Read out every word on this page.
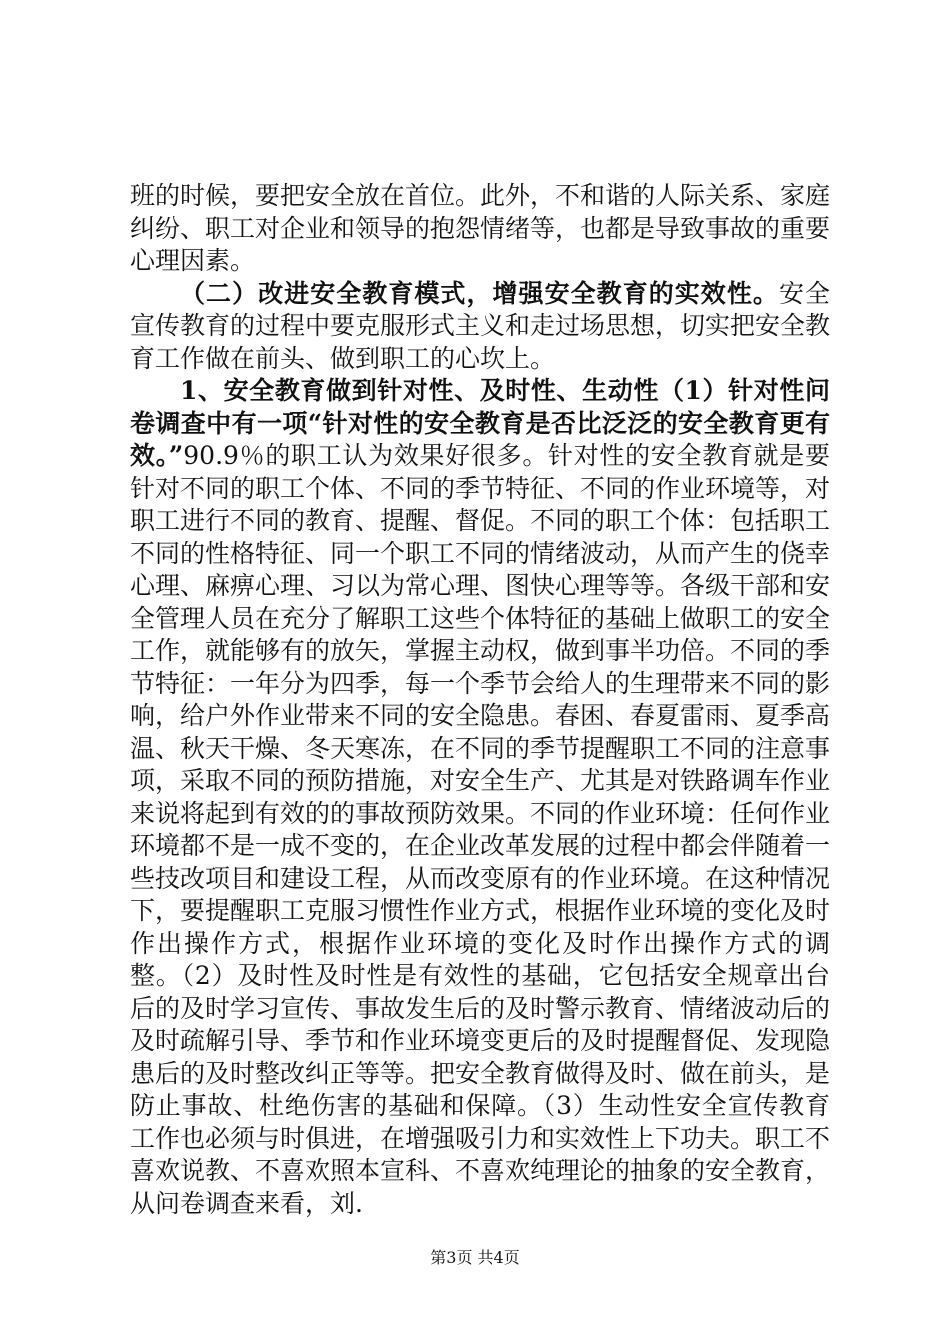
班的时候，要把安全放在首位。此外，不和谐的人际关系、家庭纠纷、职工对企业和领导的抱怨情绪等，也都是导致事故的重要心理因素。

（二）改进安全教育模式，增强安全教育的实效性。安全宣传教育的过程中要克服形式主义和走过场思想，切实把安全教育工作做在前头、做到职工的心坎上。

1、安全教育做到针对性、及时性、生动性（1）针对性问卷调查中有一项“针对性的安全教育是否比泛泛的安全教育更有效。”90.9％的职工认为效果好很多。针对性的安全教育就是要针对不同的职工个体、不同的季节特征、不同的作业环境等，对职工进行不同的教育、提醒、督促。不同的职工个体：包括职工不同的性格特征、同一个职工不同的情绪波动，从而产生的侥幸心理、麻痹心理、习以为常心理、图快心理等等。各级干部和安全管理人员在充分了解职工这些个体特征的基础上做职工的安全工作，就能够有的放矢，掌握主动权，做到事半功倍。不同的季节特征：一年分为四季，每一个季节会给人的生理带来不同的影响，给户外作业带来不同的安全隐患。春困、春夏雷雨、夏季高温、秋天干燥、冬天寒冻，在不同的季节提醒职工不同的注意事项，采取不同的预防措施，对安全生产、尤其是对铁路调车作业来说将起到有效的的事故预防效果。不同的作业环境：任何作业环境都不是一成不变的，在企业改革发展的过程中都会伴随着一些技改项目和建设工程，从而改变原有的作业环境。在这种情况下，要提醒职工克服习惯性作业方式，根据作业环境的变化及时作出操作方式，根据作业环境的变化及时作出操作方式的调整。（2）及时性及时性是有效性的基础，它包括安全规章出台后的及时学习宣传、事故发生后的及时警示教育、情绪波动后的及时疏解引导、季节和作业环境变更后的及时提醒督促、发现隐患后的及时整改纠正等等。把安全教育做得及时、做在前头，是防止事故、杜绝伤害的基础和保障。（3）生动性安全宣传教育工作也必须与时俱进，在增强吸引力和实效性上下功夫。职工不喜欢说教、不喜欢照本宣科、不喜欢纯理论的抽象的安全教育，从问卷调查来看，刘.

第3页 共4页
